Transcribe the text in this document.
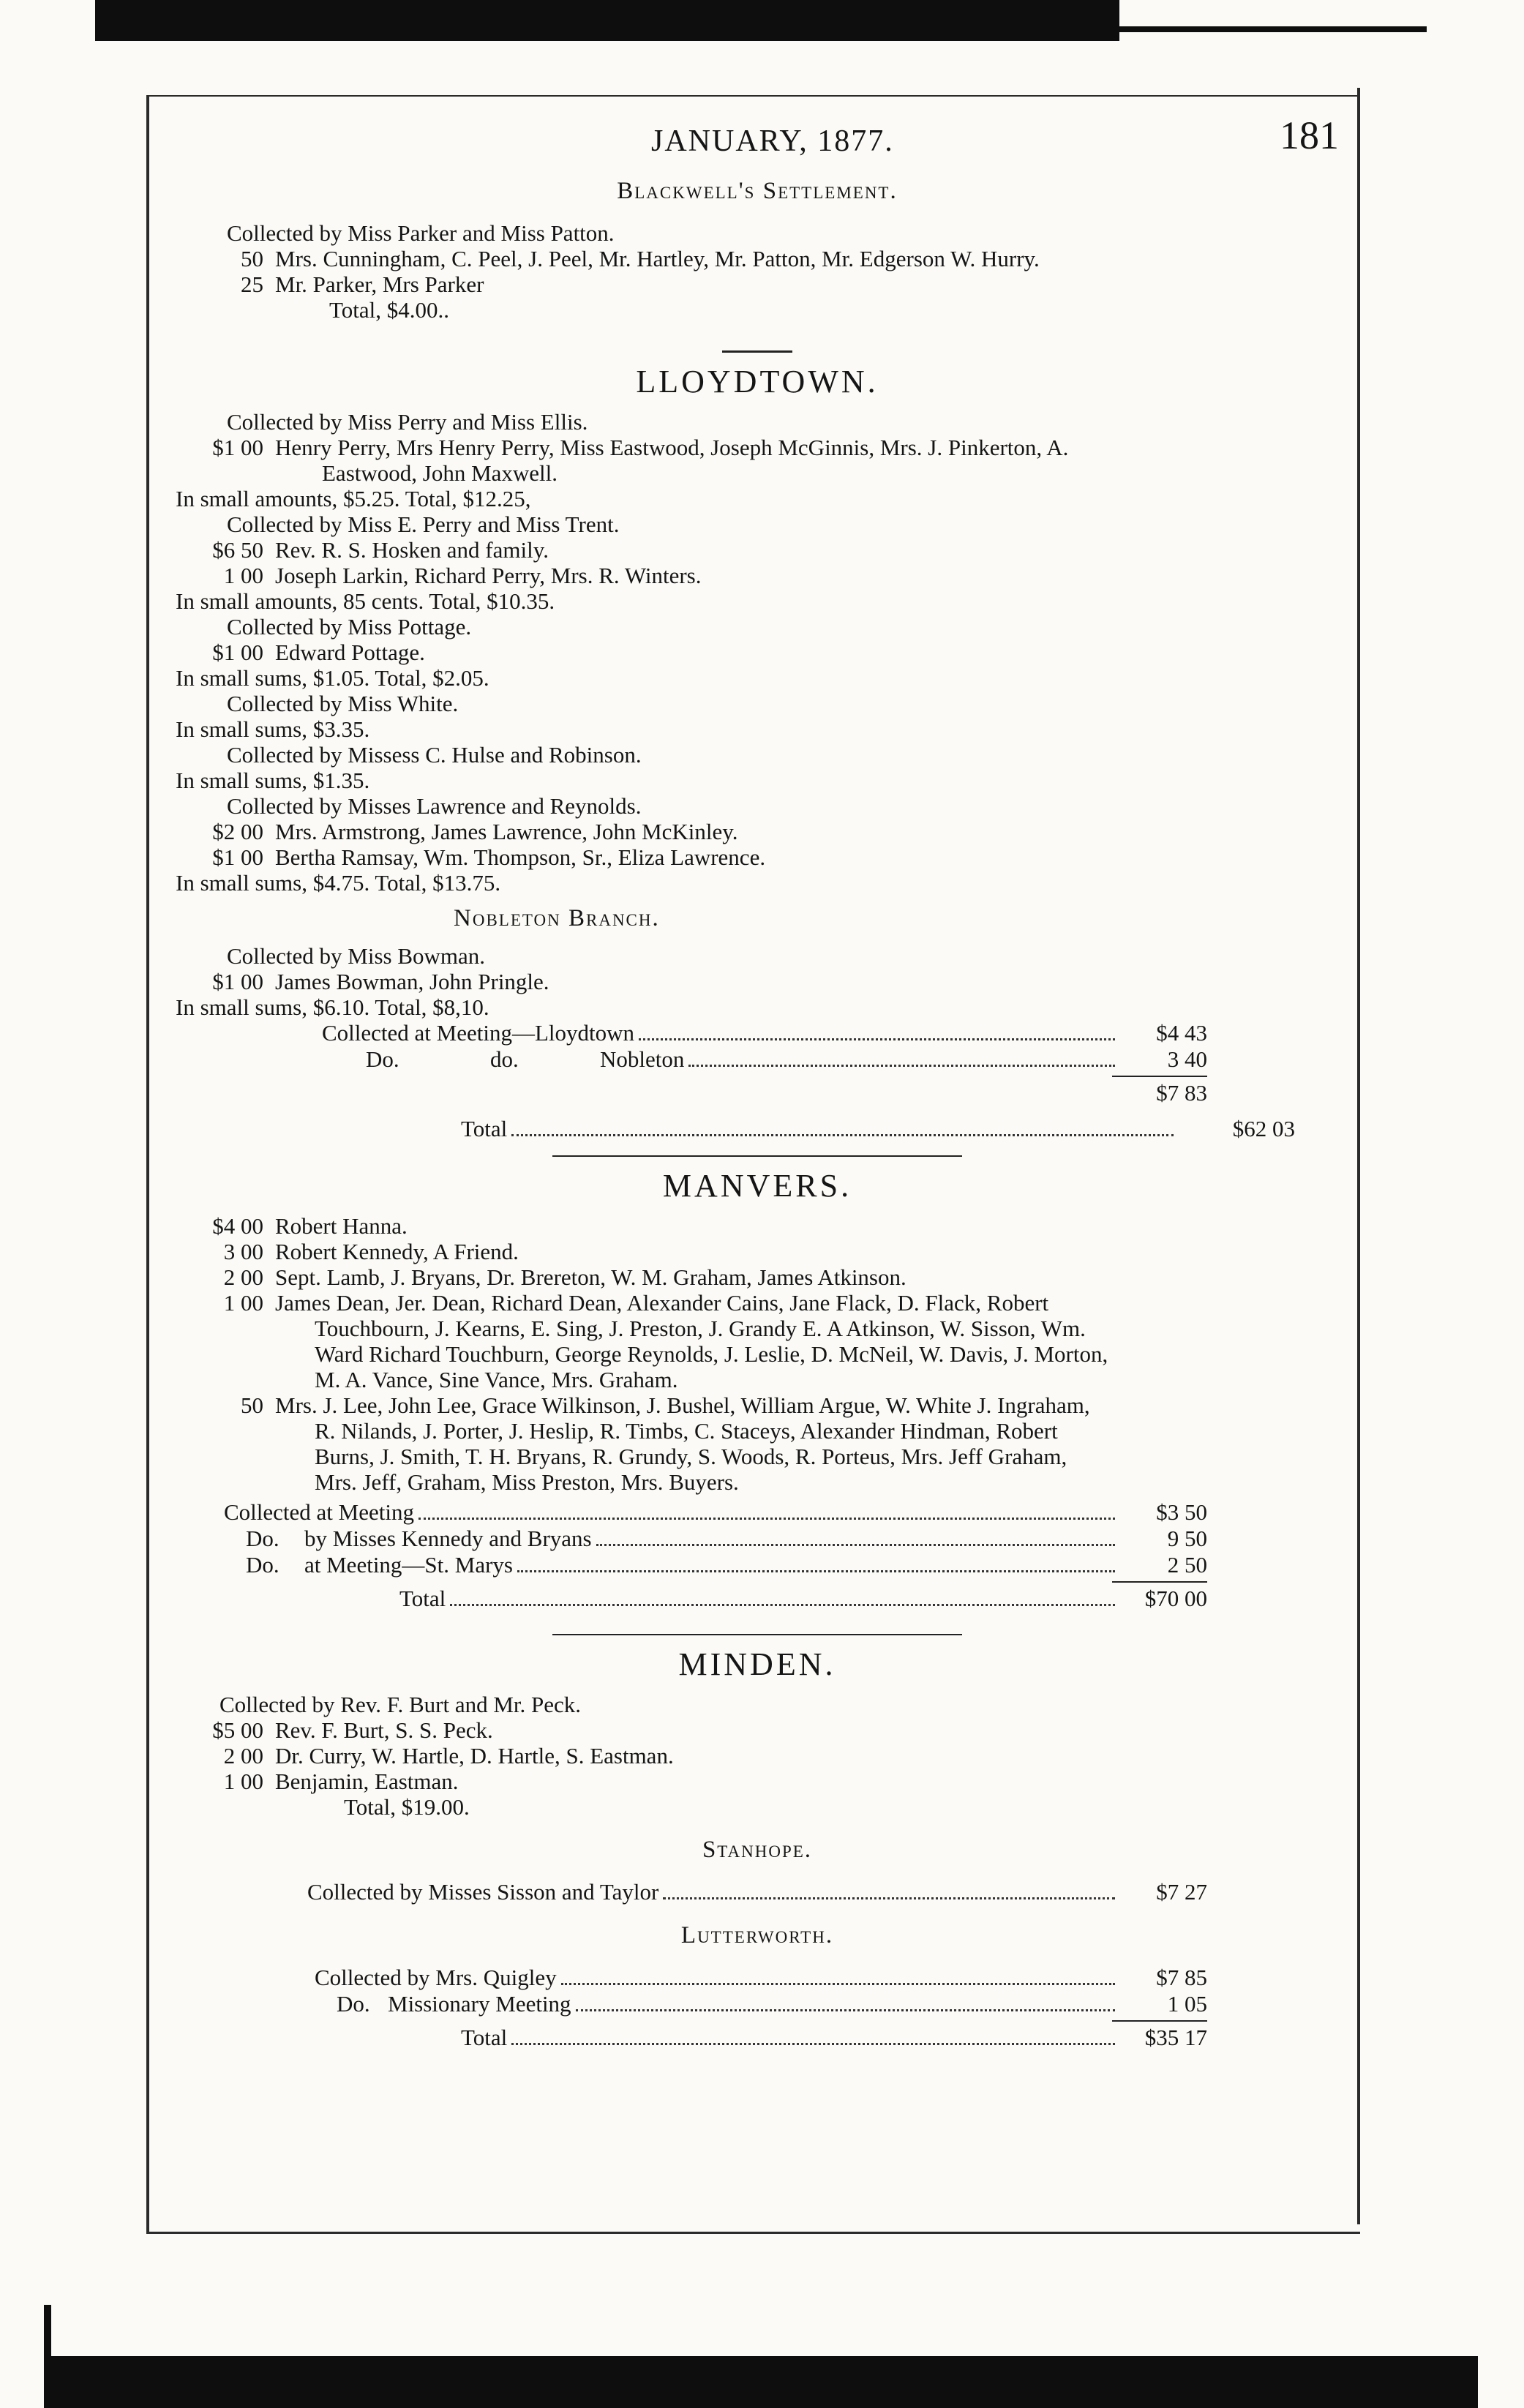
JANUARY, 1877.	181
Blackwell's Settlement.
Collected by Miss Parker and Miss Patton.
50 Mrs. Cunningham, C. Peel, J. Peel, Mr. Hartley, Mr. Patton, Mr. Edgerson W. Hurry.
25 Mr. Parker, Mrs Parker
Total, $4.00..
LLOYDTOWN.
Collected by Miss Perry and Miss Ellis.
$1 00 Henry Perry, Mrs Henry Perry, Miss Eastwood, Joseph McGinnis, Mrs. J. Pinkerton, A.
Eastwood, John Maxwell.
In small amounts, $5.25. Total, $12.25,
Collected by Miss E. Perry and Miss Trent.
$6 50 Rev. R. S. Hosken and family.
1 00 Joseph Larkin, Richard Perry, Mrs. R. Winters.
In small amounts, 85 cents. Total, $10.35.
Collected by Miss Pottage.
$1 00 Edward Pottage.
In small sums, $1.05. Total, $2.05.
Collected by Miss White.
In small sums, $3.35.
Collected by Missess C. Hulse and Robinson.
In small sums, $1.35.
Collected by Misses Lawrence and Reynolds.
$2 00 Mrs. Armstrong, James Lawrence, John McKinley.
$1 00 Bertha Ramsay, Wm. Thompson, Sr., Eliza Lawrence.
In small sums, $4.75. Total, $13.75.
Nobleton Branch.
Collected by Miss Bowman.
$1 00 James Bowman, John Pringle.
In small sums, $6.10. Total, $8,10.
Collected at Meeting—Lloydtown	$4 43
Do.	do.	Nobleton	3 40
$7 83
Total	$62 03
MANVERS.
$4 00 Robert Hanna.
3 00 Robert Kennedy, A Friend.
2 00 Sept. Lamb, J. Bryans, Dr. Brereton, W. M. Graham, James Atkinson.
1 00 James Dean, Jer. Dean, Richard Dean, Alexander Cains, Jane Flack, D. Flack, Robert
Touchbourn, J. Kearns, E. Sing, J. Preston, J. Grandy E. A Atkinson, W. Sisson, Wm.
Ward Richard Touchburn, George Reynolds, J. Leslie, D. McNeil, W. Davis, J. Morton,
M. A. Vance, Sine Vance, Mrs. Graham.
50 Mrs. J. Lee, John Lee, Grace Wilkinson, J. Bushel, William Argue, W. White J. Ingraham,
R. Nilands, J. Porter, J. Heslip, R. Timbs, C. Staceys, Alexander Hindman, Robert
Burns, J. Smith, T. H. Bryans, R. Grundy, S. Woods, R. Porteus, Mrs. Jeff Graham,
Mrs. Jeff, Graham, Miss Preston, Mrs. Buyers.
Collected at Meeting	$3 50
Do.	by Misses Kennedy and Bryans	9 50
Do.	at Meeting—St. Marys	2 50
Total	$70 00
MINDEN.
Collected by Rev. F. Burt and Mr. Peck.
$5 00 Rev. F. Burt, S. S. Peck.
2 00 Dr. Curry, W. Hartle, D. Hartle, S. Eastman.
1 00 Benjamin, Eastman.
Total, $19.00.
Stanhope.
Collected by Misses Sisson and Taylor	$7 27
Lutterworth.
Collected by Mrs. Quigley	$7 85
Do. Missionary Meeting	1 05
Total	$35 17
